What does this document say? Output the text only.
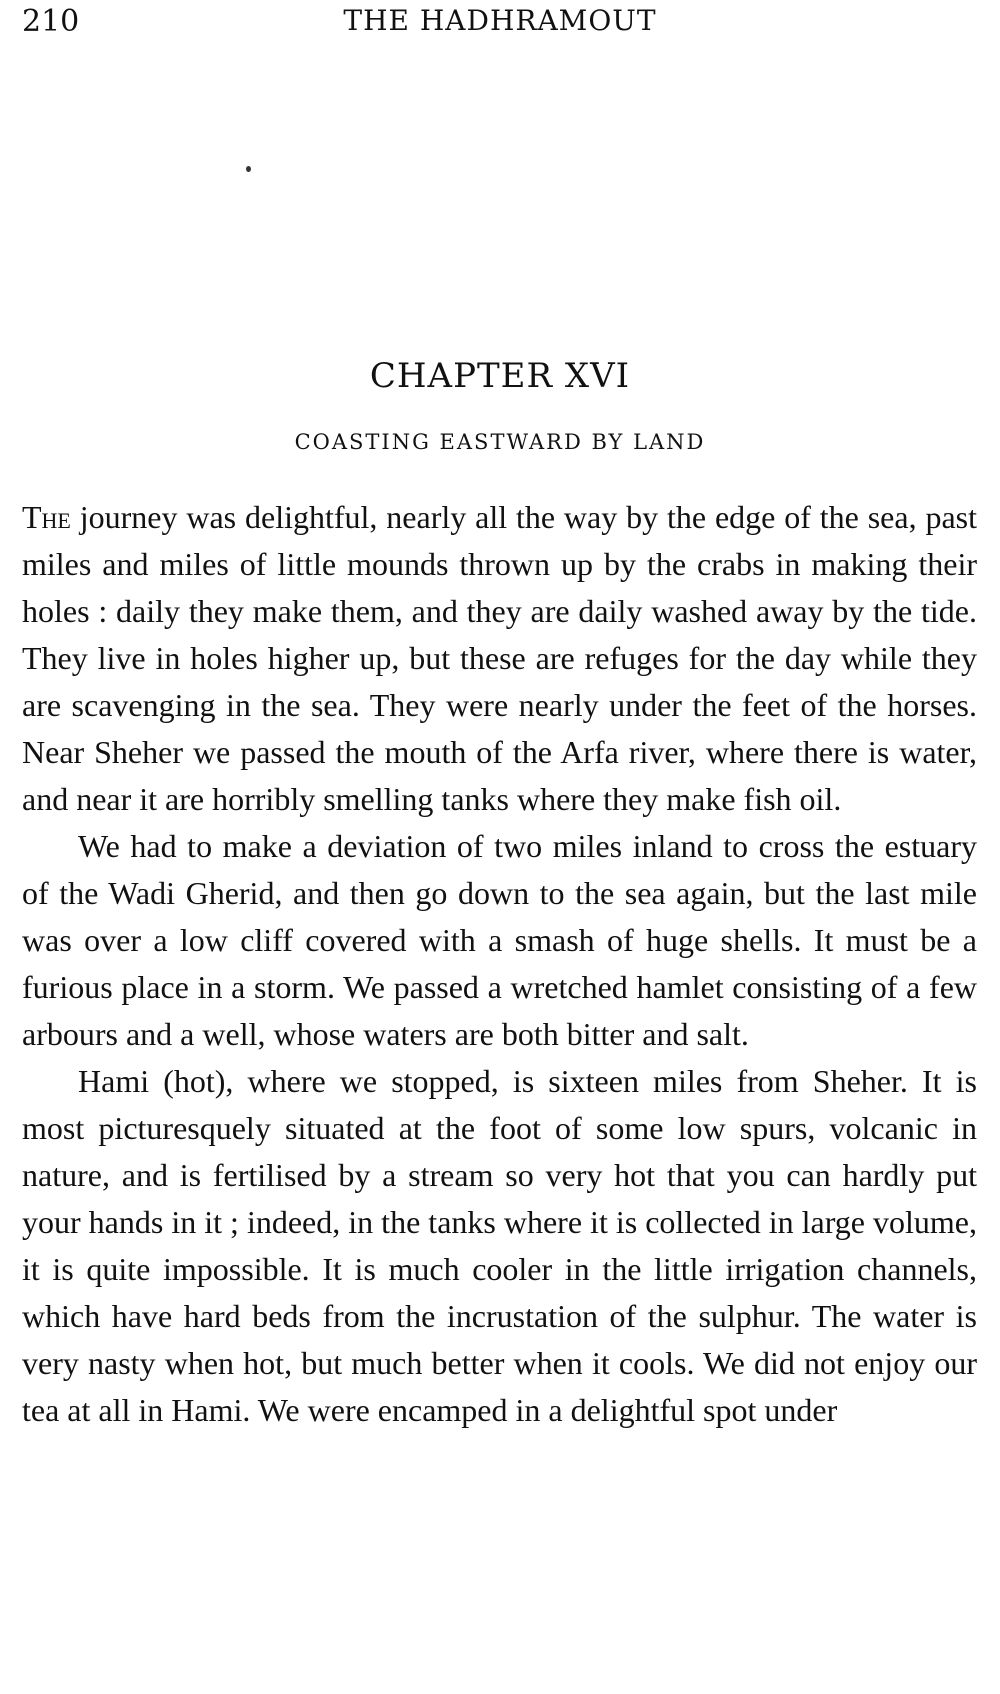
210	THE HADHRAMOUT
CHAPTER XVI
COASTING EASTWARD BY LAND

The journey was delightful, nearly all the way by the edge of the sea, past miles and miles of little mounds thrown up by the crabs in making their holes : daily they make them, and they are daily washed away by the tide. They live in holes higher up, but these are refuges for the day while they are scavenging in the sea. They were nearly under the feet of the horses. Near Sheher we passed the mouth of the Arfa river, where there is water, and near it are horribly smelling tanks where they make fish oil.

We had to make a deviation of two miles inland to cross the estuary of the Wadi Gherid, and then go down to the sea again, but the last mile was over a low cliff covered with a smash of huge shells. It must be a furious place in a storm. We passed a wretched hamlet consisting of a few arbours and a well, whose waters are both bitter and salt.

Hami (hot), where we stopped, is sixteen miles from Sheher. It is most picturesquely situated at the foot of some low spurs, volcanic in nature, and is fertilised by a stream so very hot that you can hardly put your hands in it ; indeed, in the tanks where it is collected in large volume, it is quite impossible. It is much cooler in the little irrigation channels, which have hard beds from the incrustation of the sulphur. The water is very nasty when hot, but much better when it cools. We did not enjoy our tea at all in Hami. We were encamped in a delightful spot under
